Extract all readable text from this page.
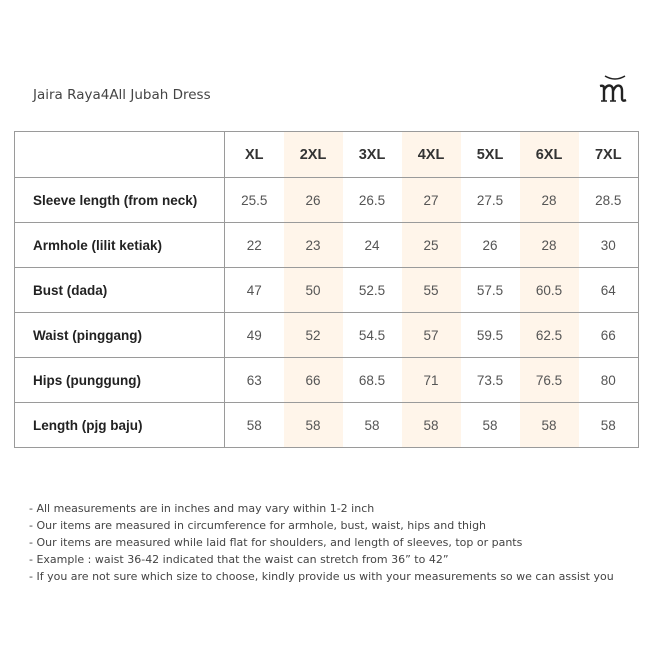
Jaira Raya4All Jubah Dress
	XL	2XL	3XL	4XL	5XL	6XL	7XL
Sleeve length (from neck)	25.5	26	26.5	27	27.5	28	28.5
Armhole (lilit ketiak)	22	23	24	25	26	28	30
Bust (dada)	47	50	52.5	55	57.5	60.5	64
Waist (pinggang)	49	52	54.5	57	59.5	62.5	66
Hips (punggung)	63	66	68.5	71	73.5	76.5	80
Length (pjg baju)	58	58	58	58	58	58	58
- All measurements are in inches and may vary within 1-2 inch
- Our items are measured in circumference for armhole, bust, waist, hips and thigh
- Our items are measured while laid flat for shoulders, and length of sleeves, top or pants
- Example : waist 36-42 indicated that the waist can stretch from 36” to 42”
- If you are not sure which size to choose, kindly provide us with your measurements so we can assist you
